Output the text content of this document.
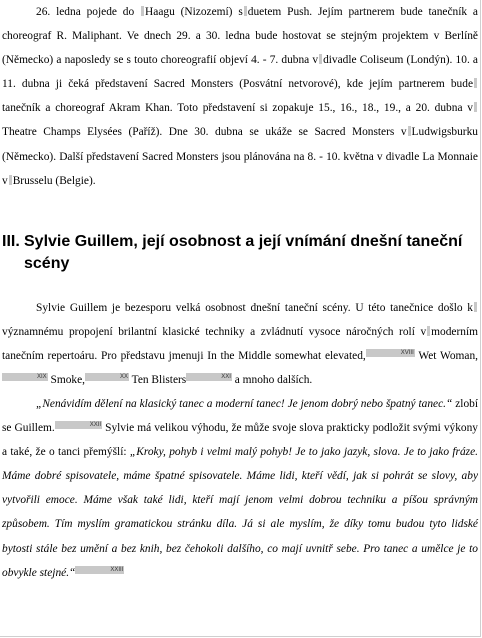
26. ledna pojede do Haagu (Nizozemí) s duetem Push. Jejím partnerem bude tanečník a choreograf R. Maliphant. Ve dnech 29. a 30. ledna bude hostovat se stejným projektem v Berlíně (Německo) a naposledy se s touto choreografií objeví 4. - 7. dubna v divadle Coliseum (Londýn). 10. a 11. dubna ji čeká představení Sacred Monsters (Posvátní netvorové), kde jejím partnerem bude tanečník a choreograf Akram Khan. Toto představení si zopakuje 15., 16., 18., 19., a 20. dubna vTheatre Champs Elysées (Paříž). Dne 30. dubna se ukáže se Sacred Monsters v Ludwigsburku (Německo). Další představení Sacred Monsters jsou plánována na 8. - 10. května v divadle La Monnaie v Brusselu (Belgie).
III. Sylvie Guillem, její osobnost a její vnímání dnešní taneční scény
Sylvie Guillem je bezesporu velká osobnost dnešní taneční scény. U této tanečnice došlo kvýznamnému propojení brilantní klasické techniky a zvládnutí vysoce náročných rolí v moderním tanečním repertoáru. Pro představu jmenuji In the Middle somewhat elevated,	XVIII Wet Woman,XIX Smoke,	XX Ten Blisters	XXI a mnoho dalších.
„Nenávidím dělení na klasický tanec a moderní tanec! Je jenom dobrý nebo špatný tanec.“ zlobí se Guillem.	XXII Sylvie má velikou výhodu, že může svoje slova prakticky podložit svými výkony a také, že o tanci přemýšlí: „Kroky, pohyb i velmi malý pohyb! Je to jako jazyk, slova. Je to jako fráze. Máme dobré spisovatele, máme špatné spisovatele. Máme lidi, kteří vědí, jak si pohrát se slovy, aby vytvořili emoce. Máme však také lidi, kteří mají jenom velmi dobrou techniku a píšou správným způsobem. Tím myslím gramatickou stránku díla. Já si ale myslím, že díky tomu budou tyto lidské bytosti stále bez umění a bez knih, bez čehokoli dalšího, co mají uvnitř sebe. Pro tanec a umělce je to obvykle stejné.“	XXIII
